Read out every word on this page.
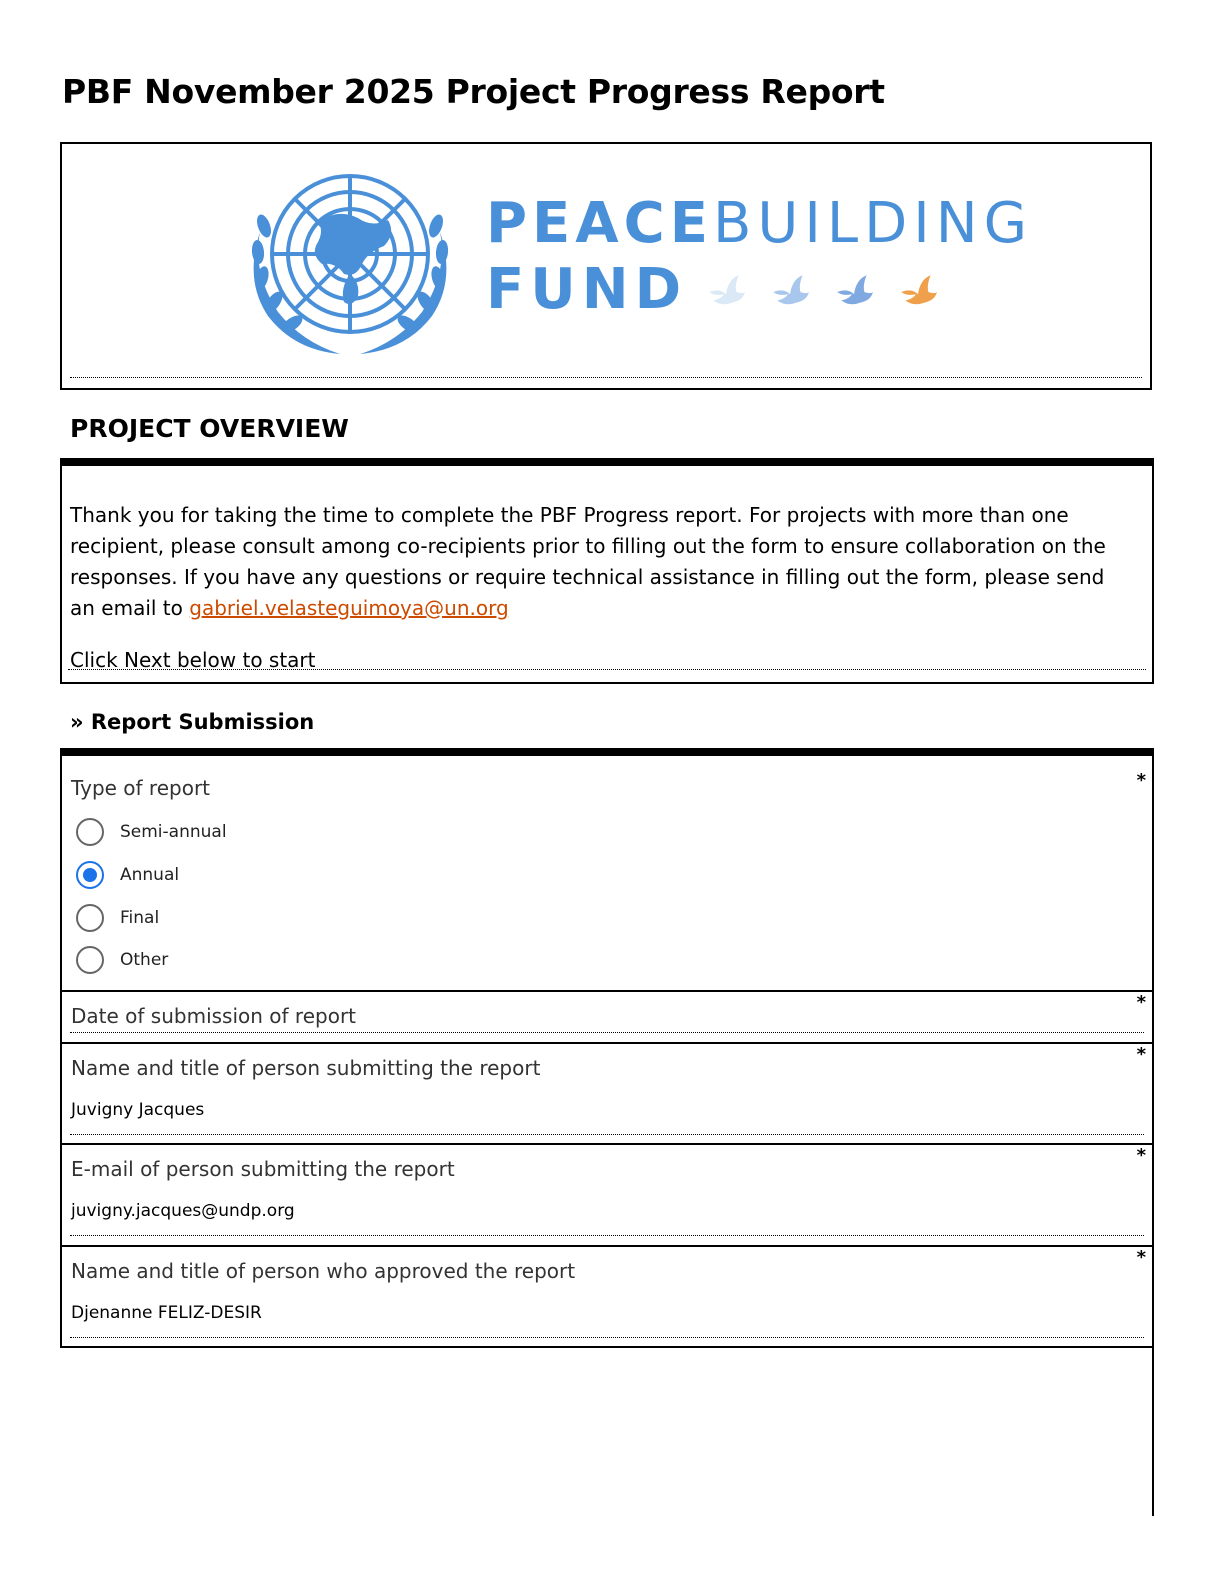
PBF November 2025 Project Progress Report
PEACEBUILDING
FUND
PROJECT OVERVIEW

Thank you for taking the time to complete the PBF Progress report. For projects with more than one recipient, please consult among co-recipients prior to filling out the form to ensure collaboration on the responses. If you have any questions or require technical assistance in filling out the form, please send an email to gabriel.velasteguimoya@un.org

Click Next below to start

» Report Submission

Type of report	*
Semi-annual
Annual
Final
Other

Date of submission of report

*

Name and title of person submitting the report

*
Juvigny Jacques

E-mail of person submitting the report

*
juvigny.jacques@undp.org

Name and title of person who approved the report

*
Djenanne FELIZ-DESIR
